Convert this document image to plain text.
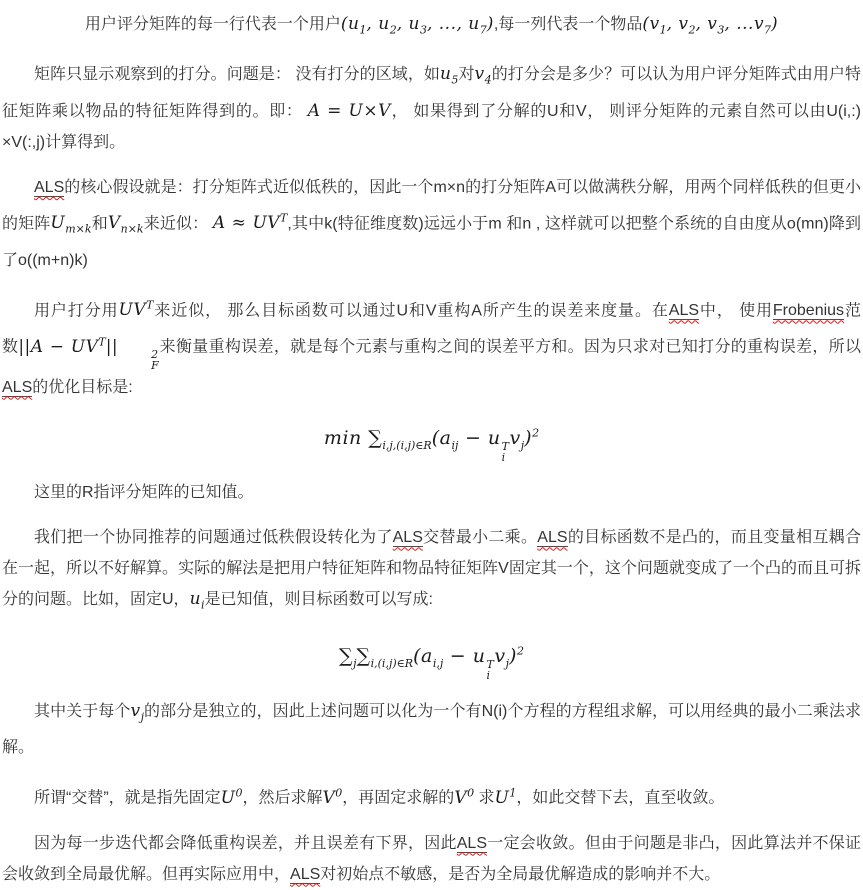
用户评分矩阵的每一行代表一个用户($u_1$, $u_2$, $u_3$, ..., $u_7$),每一列代表一个物品($v_1$, $v_2$, $v_3$, $...v_7$)

矩阵只显示观察到的打分。问题是： 没有打分的区域，如$u_5$对$v_4$的打分会是多少？可以认为用户评分矩阵式由用户特征矩阵乘以物品的特征矩阵得到的。即： A = U×V， 如果得到了分解的U和V， 则评分矩阵的元素自然可以由U(i,:) ×V(:,j)计算得到。

ALS的核心假设就是：打分矩阵式近似低秩的，因此一个m×n的打分矩阵A可以做满秩分解，用两个同样低秩的但更小的矩阵$U_{m\times k}$和$V_{n\times k}$来近似： $A \approx UV^T$,其中k(特征维度数)远远小于m 和n , 这样就可以把整个系统的自由度从o(mn)降到了o((m+n)k)

用户打分用$UV^T$来近似， 那么目标函数可以通过U和V重构A所产生的误差来度量。在ALS中， 使用Frobenius范数$||A - UV^T||$	2
F
来衡量重构误差，就是每个元素与重构之间的误差平方和。因为只求对已知打分的重构误差，所以ALS的优化目标是:

$\min \sum_{i,j,(i,j)\in R}(a_{ij} - u$ T
i
$v_j)^2$

这里的R指评分矩阵的已知值。

我们把一个协同推荐的问题通过低秩假设转化为了ALS交替最小二乘。ALS的目标函数不是凸的，而且变量相互耦合在一起，所以不好解算。实际的解法是把用户特征矩阵和物品特征矩阵V固定其一个，这个问题就变成了一个凸的而且可拆分的问题。比如，固定U，$u_i$是已知值，则目标函数可以写成:

$\sum_j\sum_{i,(i,j)\in R}(a_{i,j} - u$ T
i
$v_j)^2$

其中关于每个$v_j$的部分是独立的，因此上述问题可以化为一个有N(i)个方程的方程组求解，可以用经典的最小二乘法求解。

所谓“交替”，就是指先固定$U^0$，然后求解$V^0$，再固定求解的$V^0$ 求$U^1$，如此交替下去，直至收敛。

因为每一步迭代都会降低重构误差，并且误差有下界，因此ALS一定会收敛。但由于问题是非凸，因此算法并不保证会收敛到全局最优解。但再实际应用中，ALS对初始点不敏感，是否为全局最优解造成的影响并不大。
